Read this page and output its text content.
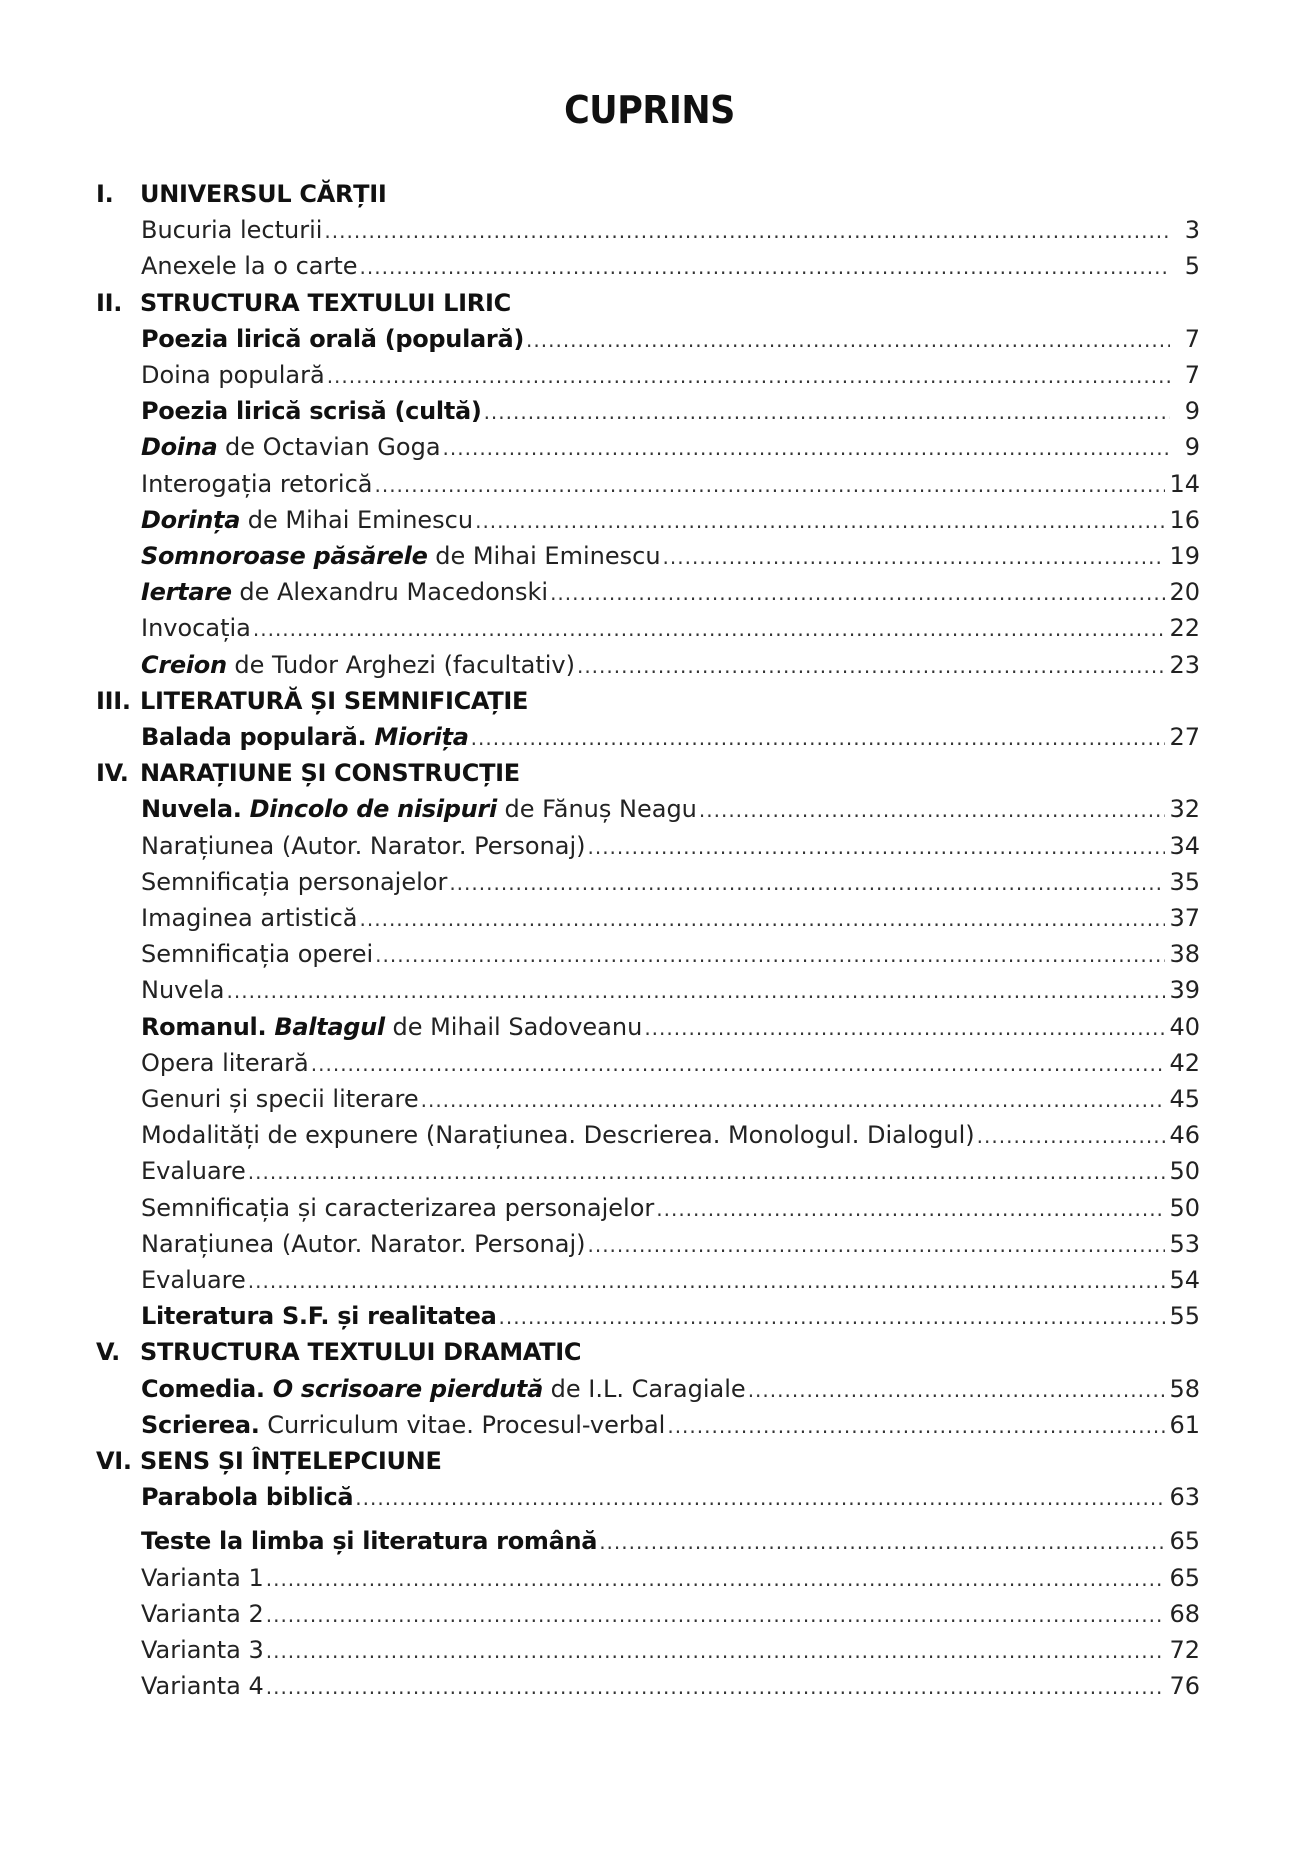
CUPRINS
I. UNIVERSUL CĂRȚII
Bucuria lecturii .....	3
Anexele la o carte .....	5
II. STRUCTURA TEXTULUI LIRIC
Poezia lirică orală (populară) .....	7
Doina populară .....	7
Poezia lirică scrisă (cultă) .....	9
Doina de Octavian Goga .....	9
Interogația retorică .....	14
Dorința de Mihai Eminescu .....	16
Somnoroase păsărele de Mihai Eminescu .....	19
Iertare de Alexandru Macedonski .....	20
Invocația .....	22
Creion de Tudor Arghezi (facultativ) .....	23
III. LITERATURĂ ȘI SEMNIFICAȚIE
Balada populară. Miorița .....	27
IV. NARAȚIUNE ȘI CONSTRUCȚIE
Nuvela. Dincolo de nisipuri de Fănuș Neagu .....	32
Narațiunea (Autor. Narator. Personaj) .....	34
Semnificația personajelor .....	35
Imaginea artistică .....	37
Semnificația operei .....	38
Nuvela .....	39
Romanul. Baltagul de Mihail Sadoveanu .....	40
Opera literară .....	42
Genuri și specii literare .....	45
Modalități de expunere (Narațiunea. Descrierea. Monologul. Dialogul) .....	46
Evaluare .....	50
Semnificația și caracterizarea personajelor .....	50
Narațiunea (Autor. Narator. Personaj) .....	53
Evaluare .....	54
Literatura S.F. și realitatea .....	55
V. STRUCTURA TEXTULUI DRAMATIC
Comedia. O scrisoare pierdută de I.L. Caragiale .....	58
Scrierea. Curriculum vitae. Procesul-verbal .....	61
VI. SENS ȘI ÎNȚELEPCIUNE
Parabola biblică .....	63
Teste la limba și literatura română .....	65
Varianta 1 .....	65
Varianta 2 .....	68
Varianta 3 .....	72
Varianta 4 .....	76
